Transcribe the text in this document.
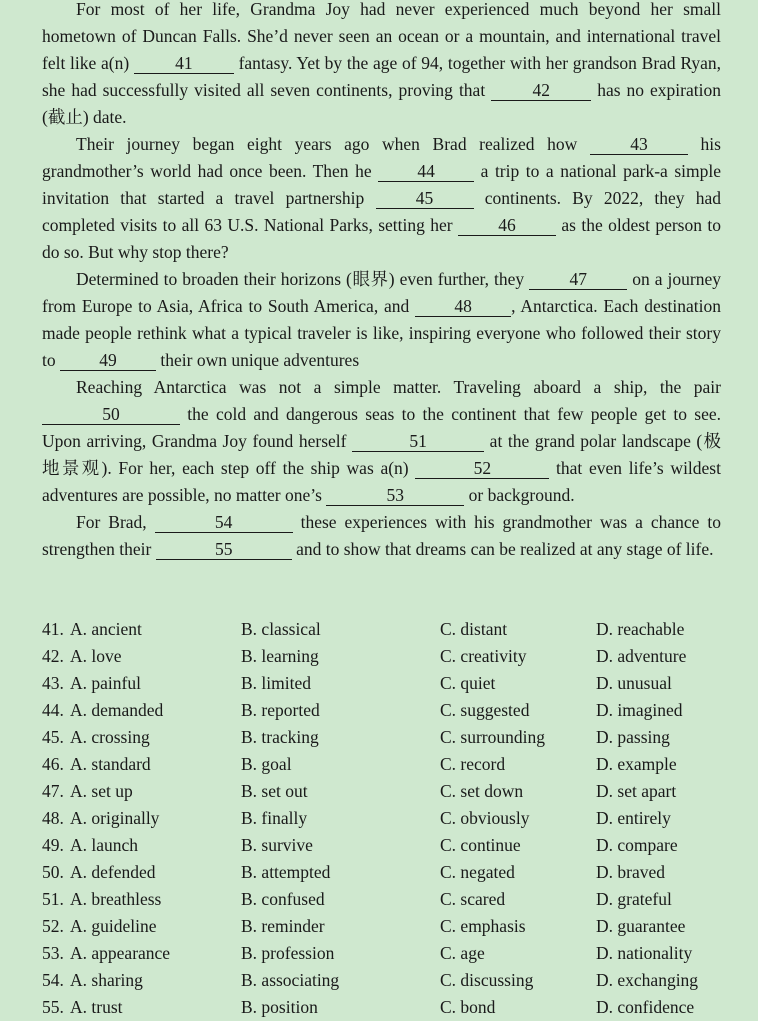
For most of her life, Grandma Joy had never experienced much beyond her small hometown of Duncan Falls. She’d never seen an ocean or a mountain, and international travel felt like a(n) 41 fantasy. Yet by the age of 94, together with her grandson Brad Ryan, she had successfully visited all seven continents, proving that 42 has no expiration (截止) date.

Their journey began eight years ago when Brad realized how 43 his grandmother’s world had once been. Then he 44 a trip to a national park-a simple invitation that started a travel partnership 45 continents. By 2022, they had completed visits to all 63 U.S. National Parks, setting her 46 as the oldest person to do so. But why stop there?

Determined to broaden their horizons (眼界) even further, they 47 on a journey from Europe to Asia, Africa to South America, and 48 , Antarctica. Each destination made people rethink what a typical traveler is like, inspiring everyone who followed their story to 49 their own unique adventures

Reaching Antarctica was not a simple matter. Traveling aboard a ship, the pair 50	the cold and dangerous seas to the continent that few people get to see. Upon arriving, Grandma Joy found herself	51	at the grand polar landscape (极地景观). For her, each step off the ship was a(n)	52	that even life’s wildest adventures are possible, no matter one’s	53	or background.

For Brad,	54	these experiences with his grandmother was a chance to strengthen their	55	and to show that dreams can be realized at any stage of life.

41. A. ancient	B. classical	C. distant	D. reachable
42. A. love	B. learning	C. creativity	D. adventure
43. A. painful	B. limited	C. quiet	D. unusual
44. A. demanded	B. reported	C. suggested	D. imagined
45. A. crossing	B. tracking	C. surrounding	D. passing
46. A. standard	B. goal	C. record	D. example
47. A. set up	B. set out	C. set down	D. set apart
48. A. originally	B. finally	C. obviously	D. entirely
49. A. launch	B. survive	C. continue	D. compare
50. A. defended	B. attempted	C. negated	D. braved
51. A. breathless	B. confused	C. scared	D. grateful
52. A. guideline	B. reminder	C. emphasis	D. guarantee
53. A. appearance	B. profession	C. age	D. nationality
54. A. sharing	B. associating	C. discussing	D. exchanging
55. A. trust	B. position	C. bond	D. confidence
